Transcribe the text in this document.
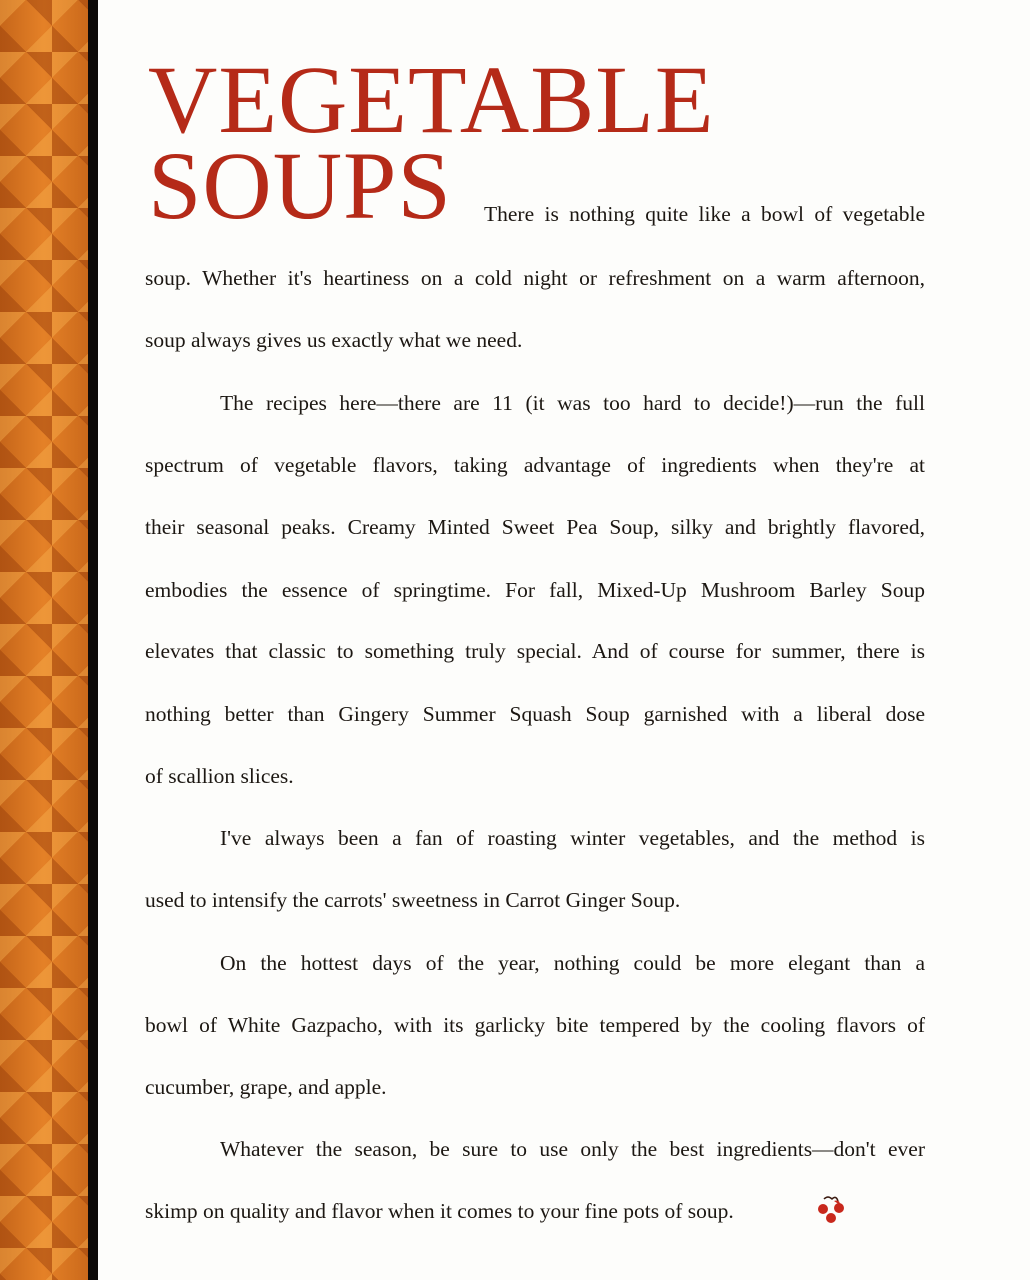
VEGETABLE
SOUPS There is nothing quite like a bowl of vegetable
soup. Whether it's heartiness on a cold night or refreshment on a warm afternoon,
soup always gives us exactly what we need.
The recipes here—there are 11 (it was too hard to decide!)—run the full
spectrum of vegetable flavors, taking advantage of ingredients when they're at
their seasonal peaks. Creamy Minted Sweet Pea Soup, silky and brightly flavored,
embodies the essence of springtime. For fall, Mixed-Up Mushroom Barley Soup
elevates that classic to something truly special. And of course for summer, there is
nothing better than Gingery Summer Squash Soup garnished with a liberal dose
of scallion slices.
I've always been a fan of roasting winter vegetables, and the method is
used to intensify the carrots' sweetness in Carrot Ginger Soup.
On the hottest days of the year, nothing could be more elegant than a
bowl of White Gazpacho, with its garlicky bite tempered by the cooling flavors of
cucumber, grape, and apple.
Whatever the season, be sure to use only the best ingredients—don't ever
skimp on quality and flavor when it comes to your fine pots of soup.
